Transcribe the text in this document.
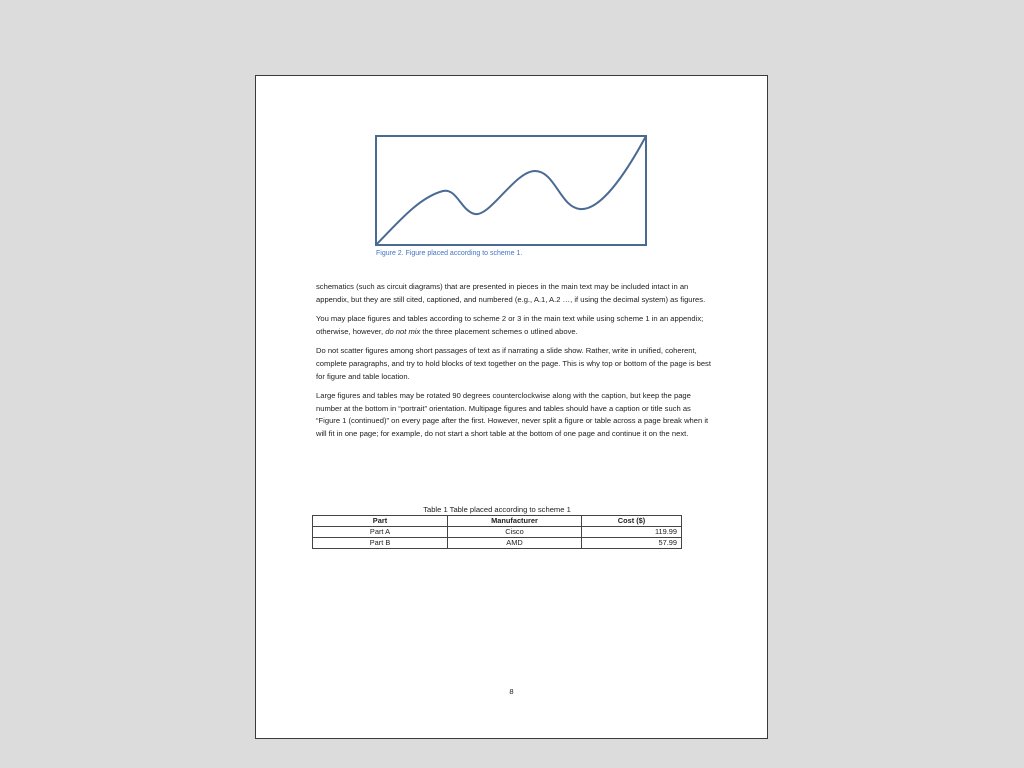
Figure 2. Figure placed according to scheme 1.

schematics (such as circuit diagrams) that are presented in pieces in the main text may be included intact in an appendix, but they are still cited, captioned, and numbered (e.g., A.1, A.2 …, if using the decimal system) as figures.

You may place figures and tables according to scheme 2 or 3 in the main text while using scheme 1 in an appendix; otherwise, however, do not mix the three placement schemes o utlined above.

Do not scatter figures among short passages of text as if narrating a slide show. Rather, write in unified, coherent, complete paragraphs, and try to hold blocks of text together on the page. This is why top or bottom of the page is best for figure and table location.

Large figures and tables may be rotated 90 degrees counterclockwise along with the caption, but keep the page number at the bottom in “portrait” orientation. Multipage figures and tables should have a caption or title such as “Figure 1 (continued)” on every page after the first. However, never split a figure or table across a page break when it will fit in one page; for example, do not start a short table at the bottom of one page and continue it on the next.

Table 1 Table placed according to scheme 1
Part	Manufacturer	Cost ($)
Part A	Cisco	119.99
Part B	AMD	57.99
8
